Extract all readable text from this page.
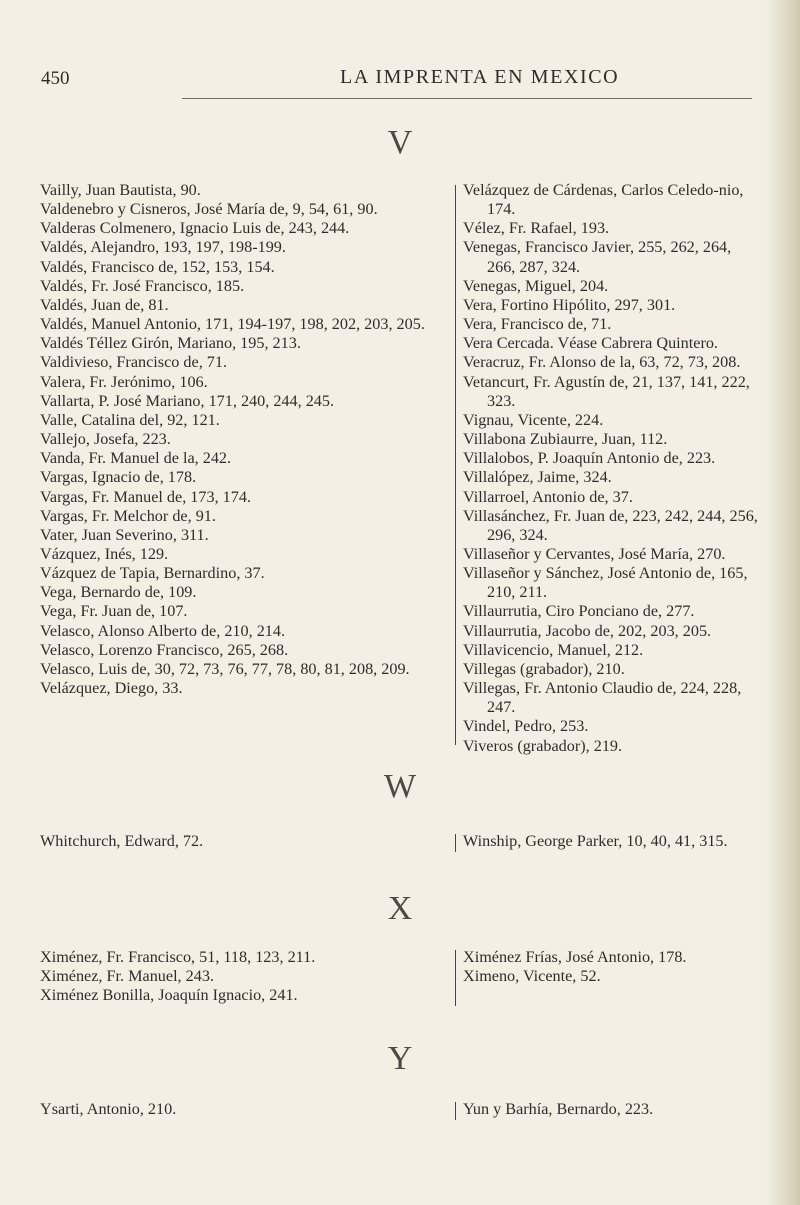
450	LA IMPRENTA EN MEXICO
V

Vailly, Juan Bautista, 90.

Valdenebro y Cisneros, José María de, 9, 54, 61, 90.

Valderas Colmenero, Ignacio Luis de, 243, 244.

Valdés, Alejandro, 193, 197, 198-199.

Valdés, Francisco de, 152, 153, 154.

Valdés, Fr. José Francisco, 185.

Valdés, Juan de, 81.

Valdés, Manuel Antonio, 171, 194-197, 198, 202, 203, 205.

Valdés Téllez Girón, Mariano, 195, 213.

Valdivieso, Francisco de, 71.

Valera, Fr. Jerónimo, 106.

Vallarta, P. José Mariano, 171, 240, 244, 245.

Valle, Catalina del, 92, 121.

Vallejo, Josefa, 223.

Vanda, Fr. Manuel de la, 242.

Vargas, Ignacio de, 178.

Vargas, Fr. Manuel de, 173, 174.

Vargas, Fr. Melchor de, 91.

Vater, Juan Severino, 311.

Vázquez, Inés, 129.

Vázquez de Tapia, Bernardino, 37.

Vega, Bernardo de, 109.

Vega, Fr. Juan de, 107.

Velasco, Alonso Alberto de, 210, 214.

Velasco, Lorenzo Francisco, 265, 268.

Velasco, Luis de, 30, 72, 73, 76, 77, 78, 80, 81, 208, 209.

Velázquez, Diego, 33.

Velázquez de Cárdenas, Carlos Celedo-nio, 174.

Vélez, Fr. Rafael, 193.

Venegas, Francisco Javier, 255, 262, 264, 266, 287, 324.

Venegas, Miguel, 204.

Vera, Fortino Hipólito, 297, 301.

Vera, Francisco de, 71.

Vera Cercada. Véase Cabrera Quintero.

Veracruz, Fr. Alonso de la, 63, 72, 73, 208.

Vetancurt, Fr. Agustín de, 21, 137, 141, 222, 323.

Vignau, Vicente, 224.

Villabona Zubiaurre, Juan, 112.

Villalobos, P. Joaquín Antonio de, 223.

Villalópez, Jaime, 324.

Villarroel, Antonio de, 37.

Villasánchez, Fr. Juan de, 223, 242, 244, 256, 296, 324.

Villaseñor y Cervantes, José María, 270.

Villaseñor y Sánchez, José Antonio de, 165, 210, 211.

Villaurrutia, Ciro Ponciano de, 277.

Villaurrutia, Jacobo de, 202, 203, 205.

Villavicencio, Manuel, 212.

Villegas (grabador), 210.

Villegas, Fr. Antonio Claudio de, 224, 228, 247.

Vindel, Pedro, 253.

Viveros (grabador), 219.

W

Whitchurch, Edward, 72.	Winship, George Parker, 10, 40, 41, 315.

X

Ximénez, Fr. Francisco, 51, 118, 123, 211.

Ximénez, Fr. Manuel, 243.

Ximénez Bonilla, Joaquín Ignacio, 241.

Ximénez Frías, José Antonio, 178.

Ximeno, Vicente, 52.

Y

Ysarti, Antonio, 210.	Yun y Barhía, Bernardo, 223.
